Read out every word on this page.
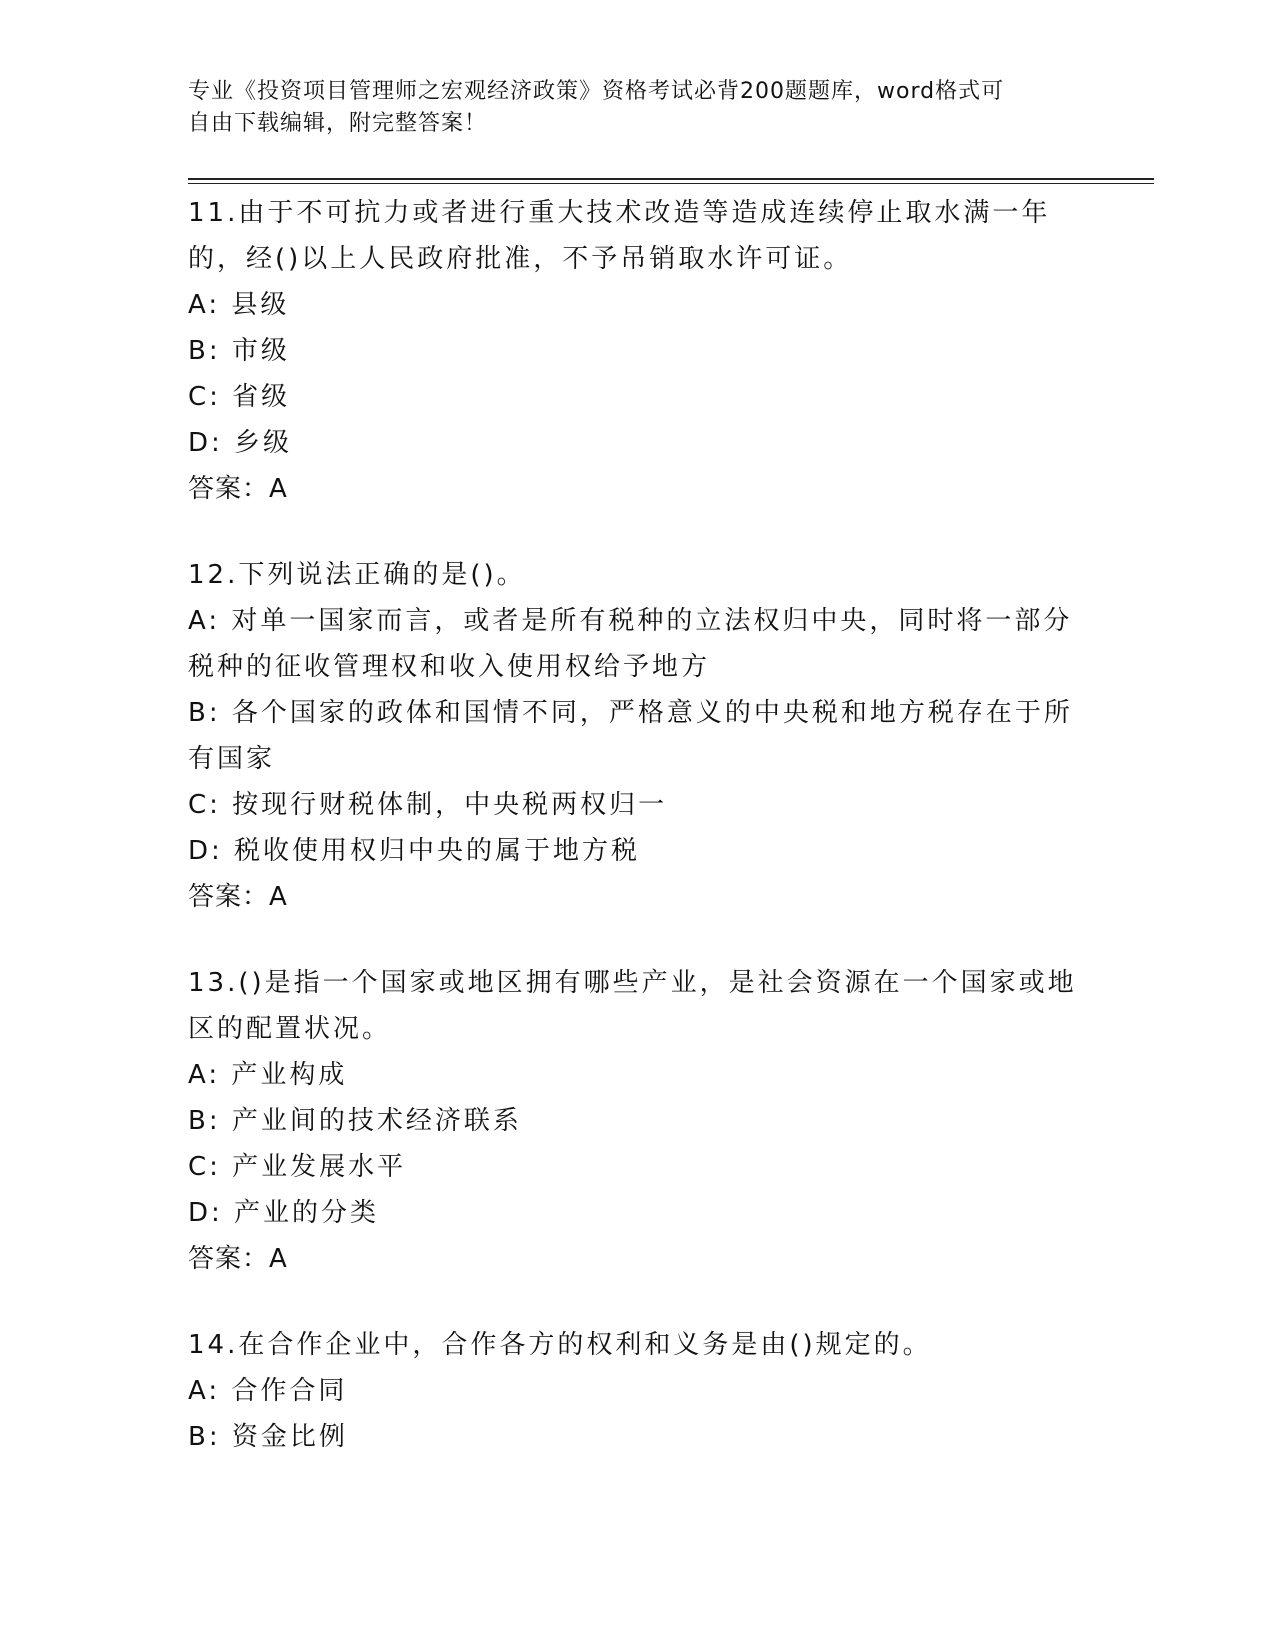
专业《投资项目管理师之宏观经济政策》资格考试必背200题题库，word格式可
自由下载编辑，附完整答案！
11.由于不可抗力或者进行重大技术改造等造成连续停止取水满一年的，经()以上人民政府批准，不予吊销取水许可证。
A: 县级
B: 市级
C: 省级
D: 乡级
答案：A
12.下列说法正确的是()。
A: 对单一国家而言，或者是所有税种的立法权归中央，同时将一部分税种的征收管理权和收入使用权给予地方
B: 各个国家的政体和国情不同，严格意义的中央税和地方税存在于所有国家
C: 按现行财税体制，中央税两权归一
D: 税收使用权归中央的属于地方税
答案：A
13.()是指一个国家或地区拥有哪些产业，是社会资源在一个国家或地区的配置状况。
A: 产业构成
B: 产业间的技术经济联系
C: 产业发展水平
D: 产业的分类
答案：A
14.在合作企业中，合作各方的权利和义务是由()规定的。
A: 合作合同
B: 资金比例
